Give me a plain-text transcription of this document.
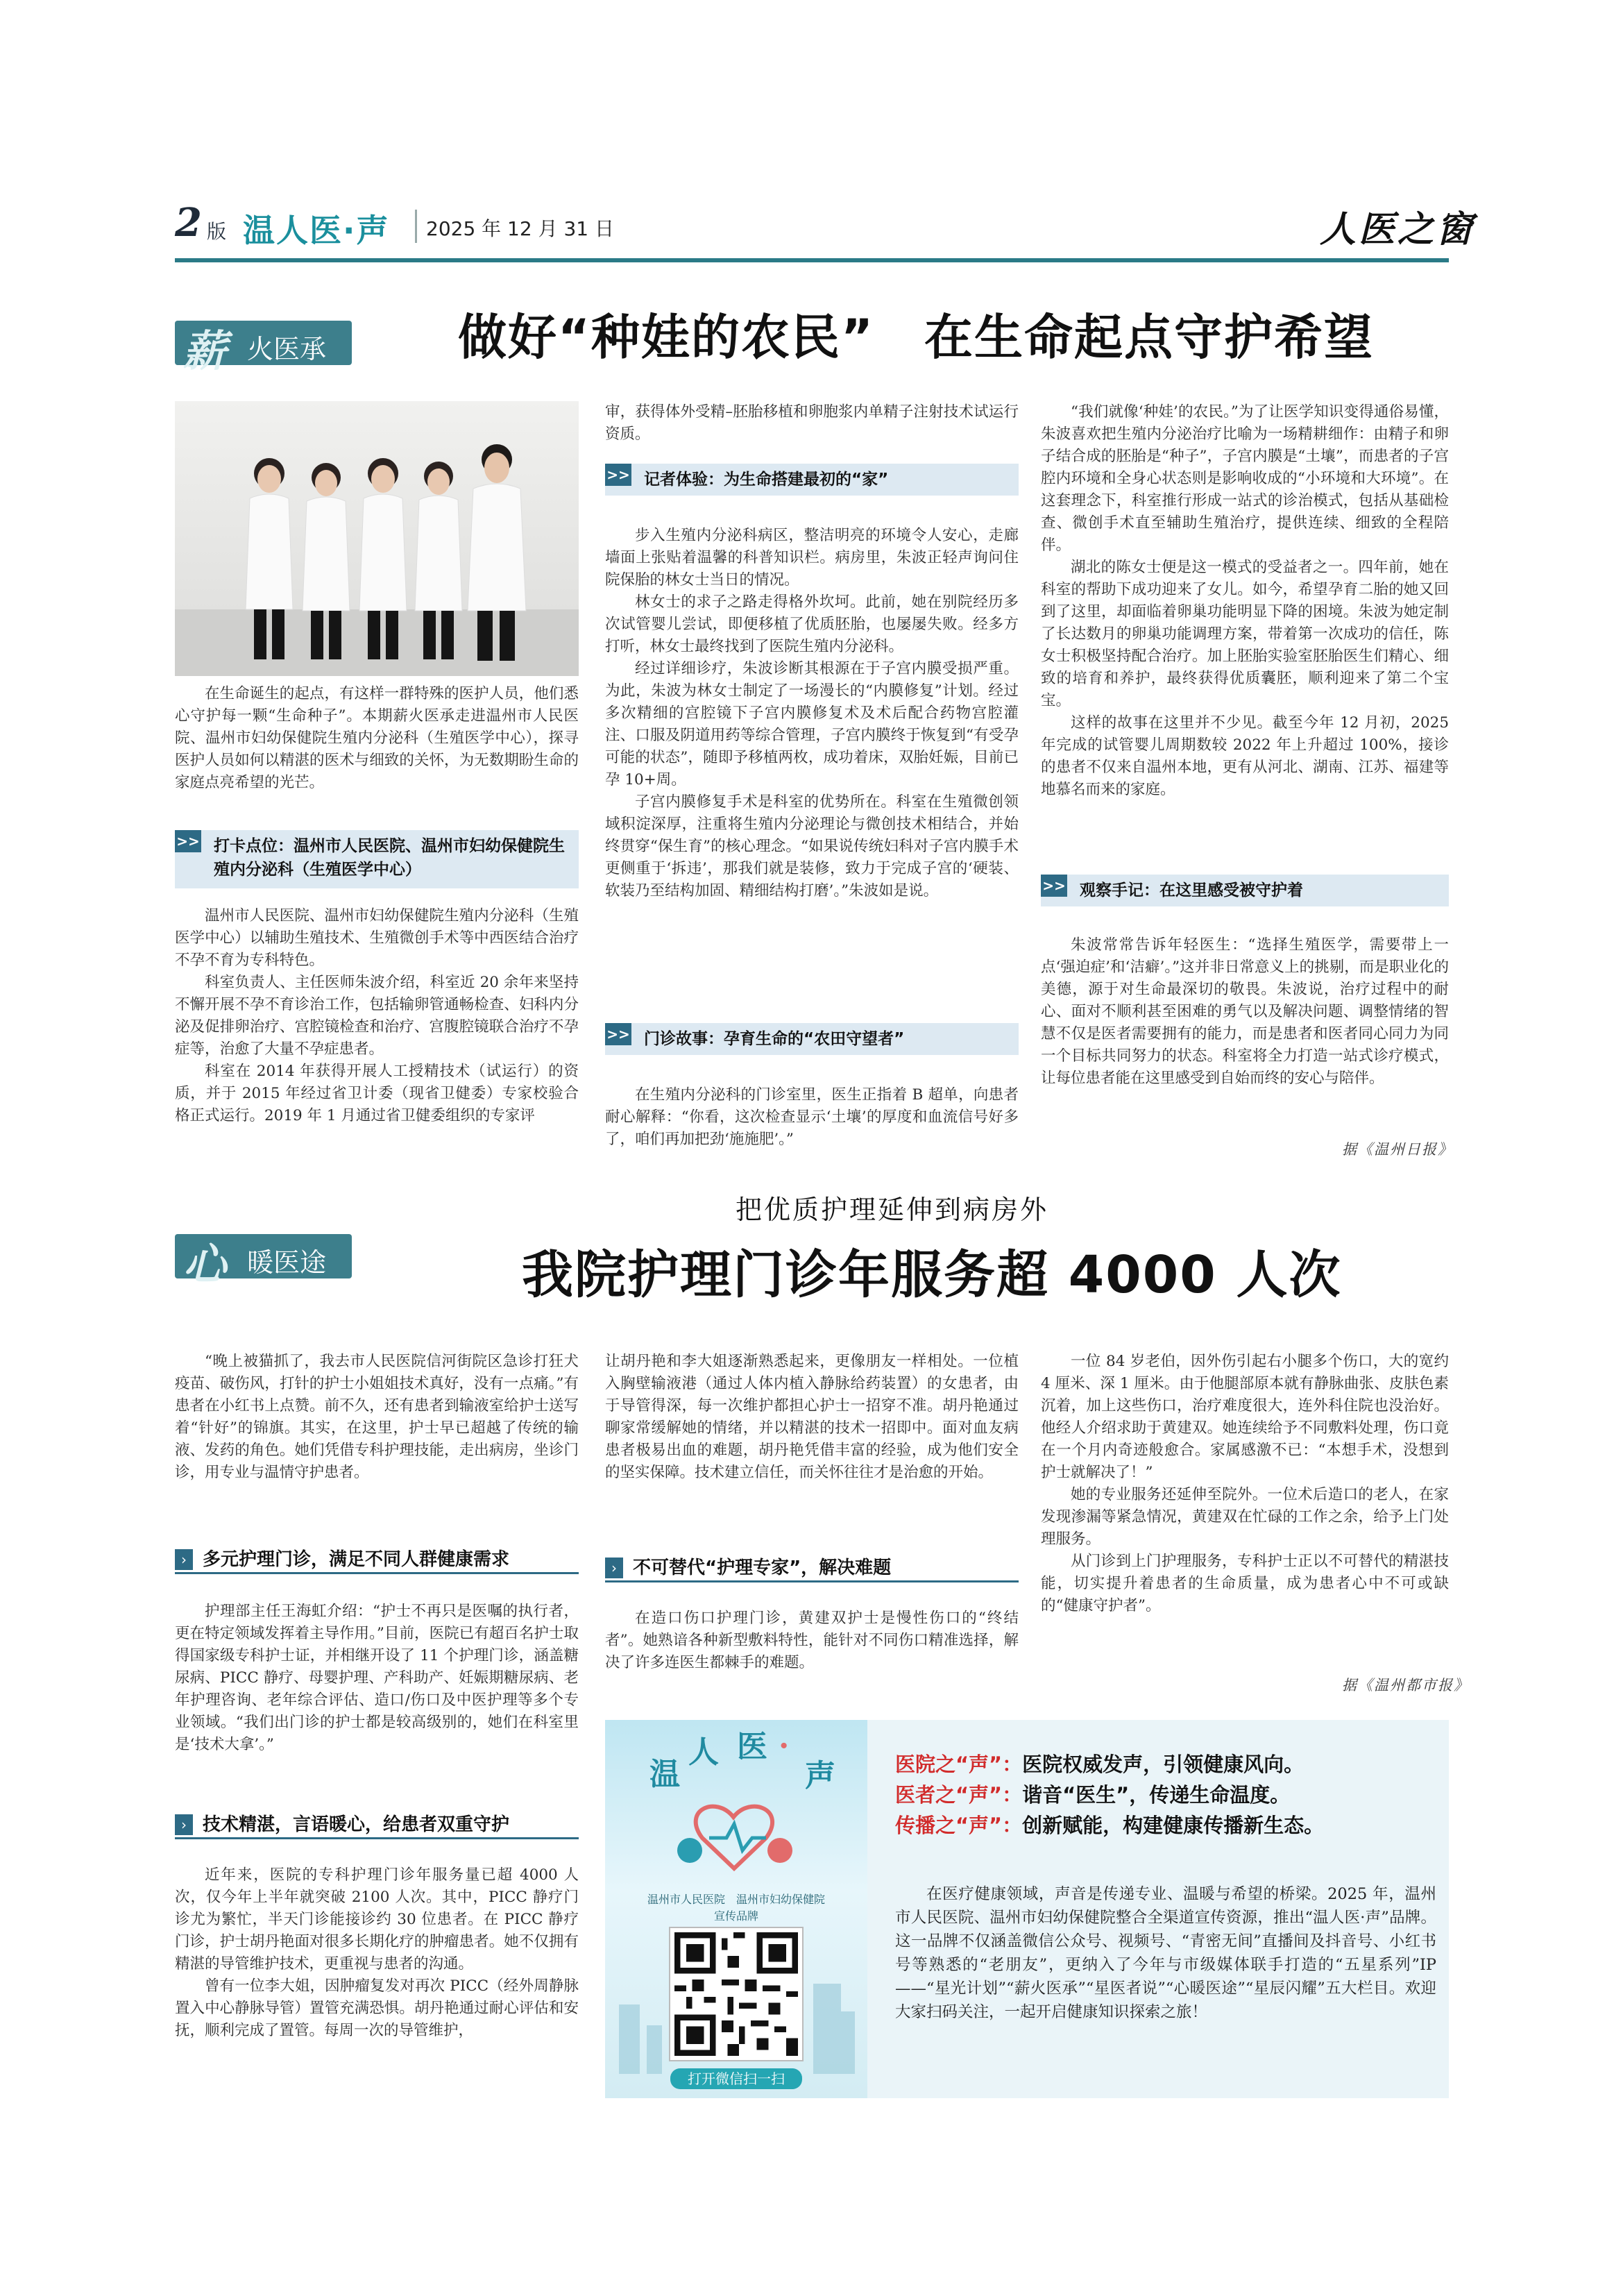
2 版 温人医·声 2025 年 12 月 31 日	人医之窗
薪 火医承	做好“种娃的农民”　在生命起点守护希望

在生命诞生的起点，有这样一群特殊的医护人员，他们悉心守护每一颗“生命种子”。本期薪火医承走进温州市人民医院、温州市妇幼保健院生殖内分泌科（生殖医学中心），探寻医护人员如何以精湛的医术与细致的关怀，为无数期盼生命的家庭点亮希望的光芒。

>> 打卡点位：温州市人民医院、温州市妇幼保健院生殖内分泌科（生殖医学中心）

温州市人民医院、温州市妇幼保健院生殖内分泌科（生殖医学中心）以辅助生殖技术、生殖微创手术等中西医结合治疗不孕不育为专科特色。

科室负责人、主任医师朱波介绍，科室近 20 余年来坚持不懈开展不孕不育诊治工作，包括输卵管通畅检查、妇科内分泌及促排卵治疗、宫腔镜检查和治疗、宫腹腔镜联合治疗不孕症等，治愈了大量不孕症患者。

科室在 2014 年获得开展人工授精技术（试运行）的资质，并于 2015 年经过省卫计委（现省卫健委）专家校验合格正式运行。2019 年 1 月通过省卫健委组织的专家评

审，获得体外受精–胚胎移植和卵胞浆内单精子注射技术试运行资质。

>> 记者体验：为生命搭建最初的“家”

步入生殖内分泌科病区，整洁明亮的环境令人安心，走廊墙面上张贴着温馨的科普知识栏。病房里，朱波正轻声询问住院保胎的林女士当日的情况。

林女士的求子之路走得格外坎坷。此前，她在别院经历多次试管婴儿尝试，即便移植了优质胚胎，也屡屡失败。经多方打听，林女士最终找到了医院生殖内分泌科。

经过详细诊疗，朱波诊断其根源在于子宫内膜受损严重。为此，朱波为林女士制定了一场漫长的“内膜修复”计划。经过多次精细的宫腔镜下子宫内膜修复术及术后配合药物宫腔灌注、口服及阴道用药等综合管理，子宫内膜终于恢复到“有受孕可能的状态”，随即予移植两枚，成功着床，双胎妊娠，目前已孕 10+周。

子宫内膜修复手术是科室的优势所在。科室在生殖微创领域积淀深厚，注重将生殖内分泌理论与微创技术相结合，并始终贯穿“保生育”的核心理念。“如果说传统妇科对子宫内膜手术更侧重于‘拆违’，那我们就是装修，致力于完成子宫的‘硬装、软装乃至结构加固、精细结构打磨’。”朱波如是说。

>> 门诊故事：孕育生命的“农田守望者”

在生殖内分泌科的门诊室里，医生正指着 B 超单，向患者耐心解释：“你看，这次检查显示‘土壤’的厚度和血流信号好多了，咱们再加把劲‘施施肥’。”

“我们就像‘种娃’的农民。”为了让医学知识变得通俗易懂，朱波喜欢把生殖内分泌治疗比喻为一场精耕细作：由精子和卵子结合成的胚胎是“种子”，子宫内膜是“土壤”，而患者的子宫腔内环境和全身心状态则是影响收成的“小环境和大环境”。在这套理念下，科室推行形成一站式的诊治模式，包括从基础检查、微创手术直至辅助生殖治疗，提供连续、细致的全程陪伴。

湖北的陈女士便是这一模式的受益者之一。四年前，她在科室的帮助下成功迎来了女儿。如今，希望孕育二胎的她又回到了这里，却面临着卵巢功能明显下降的困境。朱波为她定制了长达数月的卵巢功能调理方案，带着第一次成功的信任，陈女士积极坚持配合治疗。加上胚胎实验室胚胎医生们精心、细致的培育和养护，最终获得优质囊胚，顺利迎来了第二个宝宝。

这样的故事在这里并不少见。截至今年 12 月初，2025 年完成的试管婴儿周期数较 2022 年上升超过 100%，接诊的患者不仅来自温州本地，更有从河北、湖南、江苏、福建等地慕名而来的家庭。

>> 观察手记：在这里感受被守护着

朱波常常告诉年轻医生：“选择生殖医学，需要带上一点‘强迫症’和‘洁癖’。”这并非日常意义上的挑剔，而是职业化的美德，源于对生命最深切的敬畏。朱波说，治疗过程中的耐心、面对不顺利甚至困难的勇气以及解决问题、调整情绪的智慧不仅是医者需要拥有的能力，而是患者和医者同心同力为同一个目标共同努力的状态。科室将全力打造一站式诊疗模式，让每位患者能在这里感受到自始而终的安心与陪伴。

据《温州日报》
心 暖医途
把优质护理延伸到病房外
我院护理门诊年服务超 4000 人次

“晚上被猫抓了，我去市人民医院信河街院区急诊打狂犬疫苗、破伤风，打针的护士小姐姐技术真好，没有一点痛。”有患者在小红书上点赞。前不久，还有患者到输液室给护士送写着“针好”的锦旗。其实，在这里，护士早已超越了传统的输液、发药的角色。她们凭借专科护理技能，走出病房，坐诊门诊，用专业与温情守护患者。

› 多元护理门诊，满足不同人群健康需求

护理部主任王海虹介绍：“护士不再只是医嘱的执行者，更在特定领域发挥着主导作用。”目前，医院已有超百名护士取得国家级专科护士证，并相继开设了 11 个护理门诊，涵盖糖尿病、PICC 静疗、母婴护理、产科助产、妊娠期糖尿病、老年护理咨询、老年综合评估、造口/伤口及中医护理等多个专业领域。“我们出门诊的护士都是较高级别的，她们在科室里是‘技术大拿’。”

› 技术精湛，言语暖心，给患者双重守护

近年来，医院的专科护理门诊年服务量已超 4000 人次，仅今年上半年就突破 2100 人次。其中，PICC 静疗门诊尤为繁忙，半天门诊能接诊约 30 位患者。在 PICC 静疗门诊，护士胡丹艳面对很多长期化疗的肿瘤患者。她不仅拥有精湛的导管维护技术，更重视与患者的沟通。

曾有一位李大姐，因肿瘤复发对再次 PICC（经外周静脉置入中心静脉导管）置管充满恐惧。胡丹艳通过耐心评估和安抚，顺利完成了置管。每周一次的导管维护，

让胡丹艳和李大姐逐渐熟悉起来，更像朋友一样相处。一位植入胸壁输液港（通过人体内植入静脉给药装置）的女患者，由于导管得深，每一次维护都担心护士一招穿不准。胡丹艳通过聊家常缓解她的情绪，并以精湛的技术一招即中。面对血友病患者极易出血的难题，胡丹艳凭借丰富的经验，成为他们安全的坚实保障。技术建立信任，而关怀往往才是治愈的开始。

› 不可替代“护理专家”，解决难题

在造口伤口护理门诊，黄建双护士是慢性伤口的“终结者”。她熟谙各种新型敷料特性，能针对不同伤口精准选择，解决了许多连医生都棘手的难题。

一位 84 岁老伯，因外伤引起右小腿多个伤口，大的宽约 4 厘米、深 1 厘米。由于他腿部原本就有静脉曲张、皮肤色素沉着，加上这些伤口，治疗难度很大，连外科住院也没治好。他经人介绍求助于黄建双。她连续给予不同敷料处理，伤口竟在一个月内奇迹般愈合。家属感激不已：“本想手术，没想到护士就解决了！”

她的专业服务还延伸至院外。一位术后造口的老人，在家发现渗漏等紧急情况，黄建双在忙碌的工作之余，给予上门处理服务。

从门诊到上门护理服务，专科护士正以不可替代的精湛技能，切实提升着患者的生命质量，成为患者心中不可或缺的“健康守护者”。

据《温州都市报》
温
人 医 ·
声
温州市人民医院　温州市妇幼保健院
宣传品牌
打开微信扫一扫
医院之“声”：医院权威发声，引领健康风向。
医者之“声”：谐音“医生”，传递生命温度。
传播之“声”：创新赋能，构建健康传播新生态。

在医疗健康领域，声音是传递专业、温暖与希望的桥梁。2025 年，温州市人民医院、温州市妇幼保健院整合全渠道宣传资源，推出“温人医·声”品牌。这一品牌不仅涵盖微信公众号、视频号、“青密无间”直播间及抖音号、小红书号等熟悉的“老朋友”，更纳入了今年与市级媒体联手打造的“五星系列”IP——“星光计划”“薪火医承”“星医者说”“心暖医途”“星辰闪耀”五大栏目。欢迎大家扫码关注，一起开启健康知识探索之旅！
